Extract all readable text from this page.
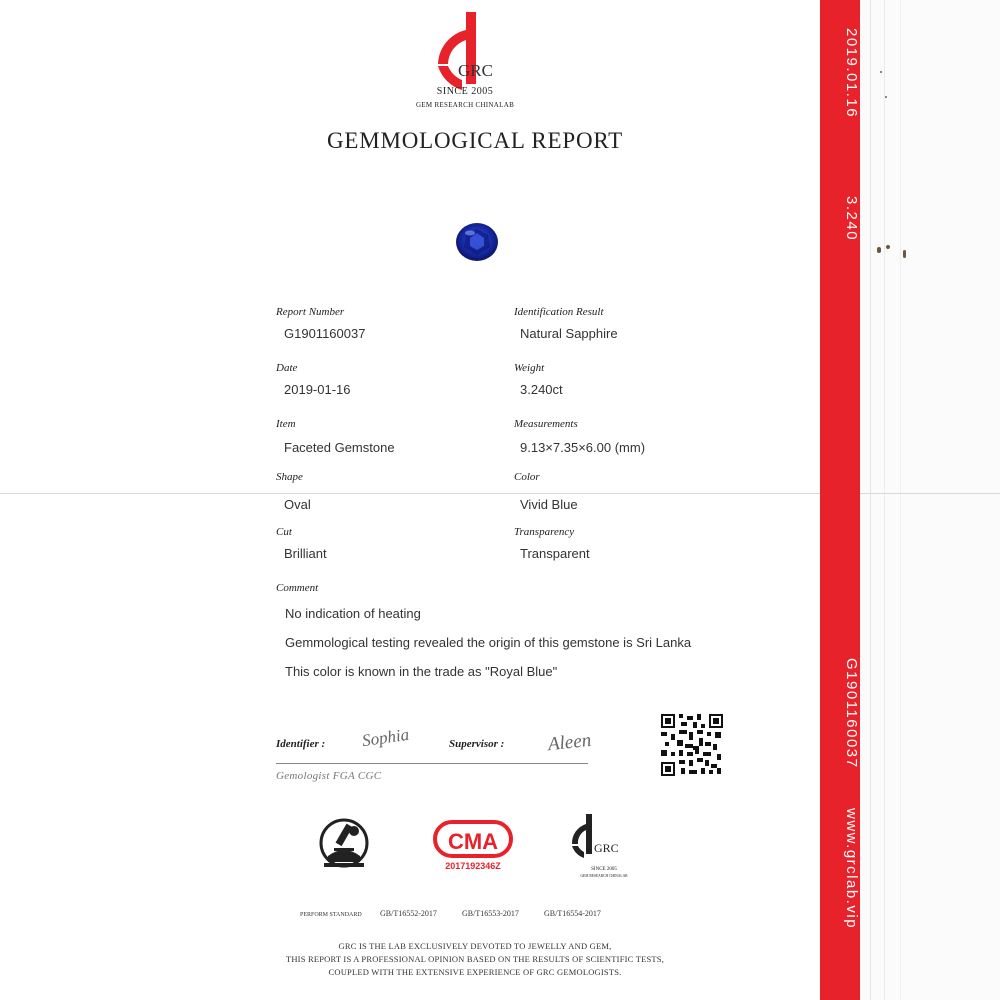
GRC
SINCE 2005
GEM RESEARCH CHINALAB
GEMMOLOGICAL REPORT
Report Number
G1901160037
Identification Result
Natural Sapphire
Date
2019-01-16
Weight
3.240ct
Item
Faceted Gemstone
Measurements
9.13×7.35×6.00 (mm)
Shape
Oval
Color
Vivid Blue
Cut
Brilliant
Transparency
Transparent
Comment
No indication of heating
Gemmological testing revealed the origin of this gemstone is Sri Lanka
This color is known in the trade as "Royal Blue"
Identifier : Sophia	Supervisor : Aleen
Gemologist FGA CGC
CMA
2017192346Z
GRC
SINCE 2005
GEM RESEARCH CHINALAB
PERFORM STANDARD GB/T16552-2017	GB/T16553-2017	GB/T16554-2017
GRC IS THE LAB EXCLUSIVELY DEVOTED TO JEWELLY AND GEM,
THIS REPORT IS A PROFESSIONAL OPINION BASED ON THE RESULTS OF SCIENTIFIC TESTS,
COUPLED WITH THE EXTENSIVE EXPERIENCE OF GRC GEMOLOGISTS.
2019.01.16
3.240
G1901160037
www.grclab.vip
